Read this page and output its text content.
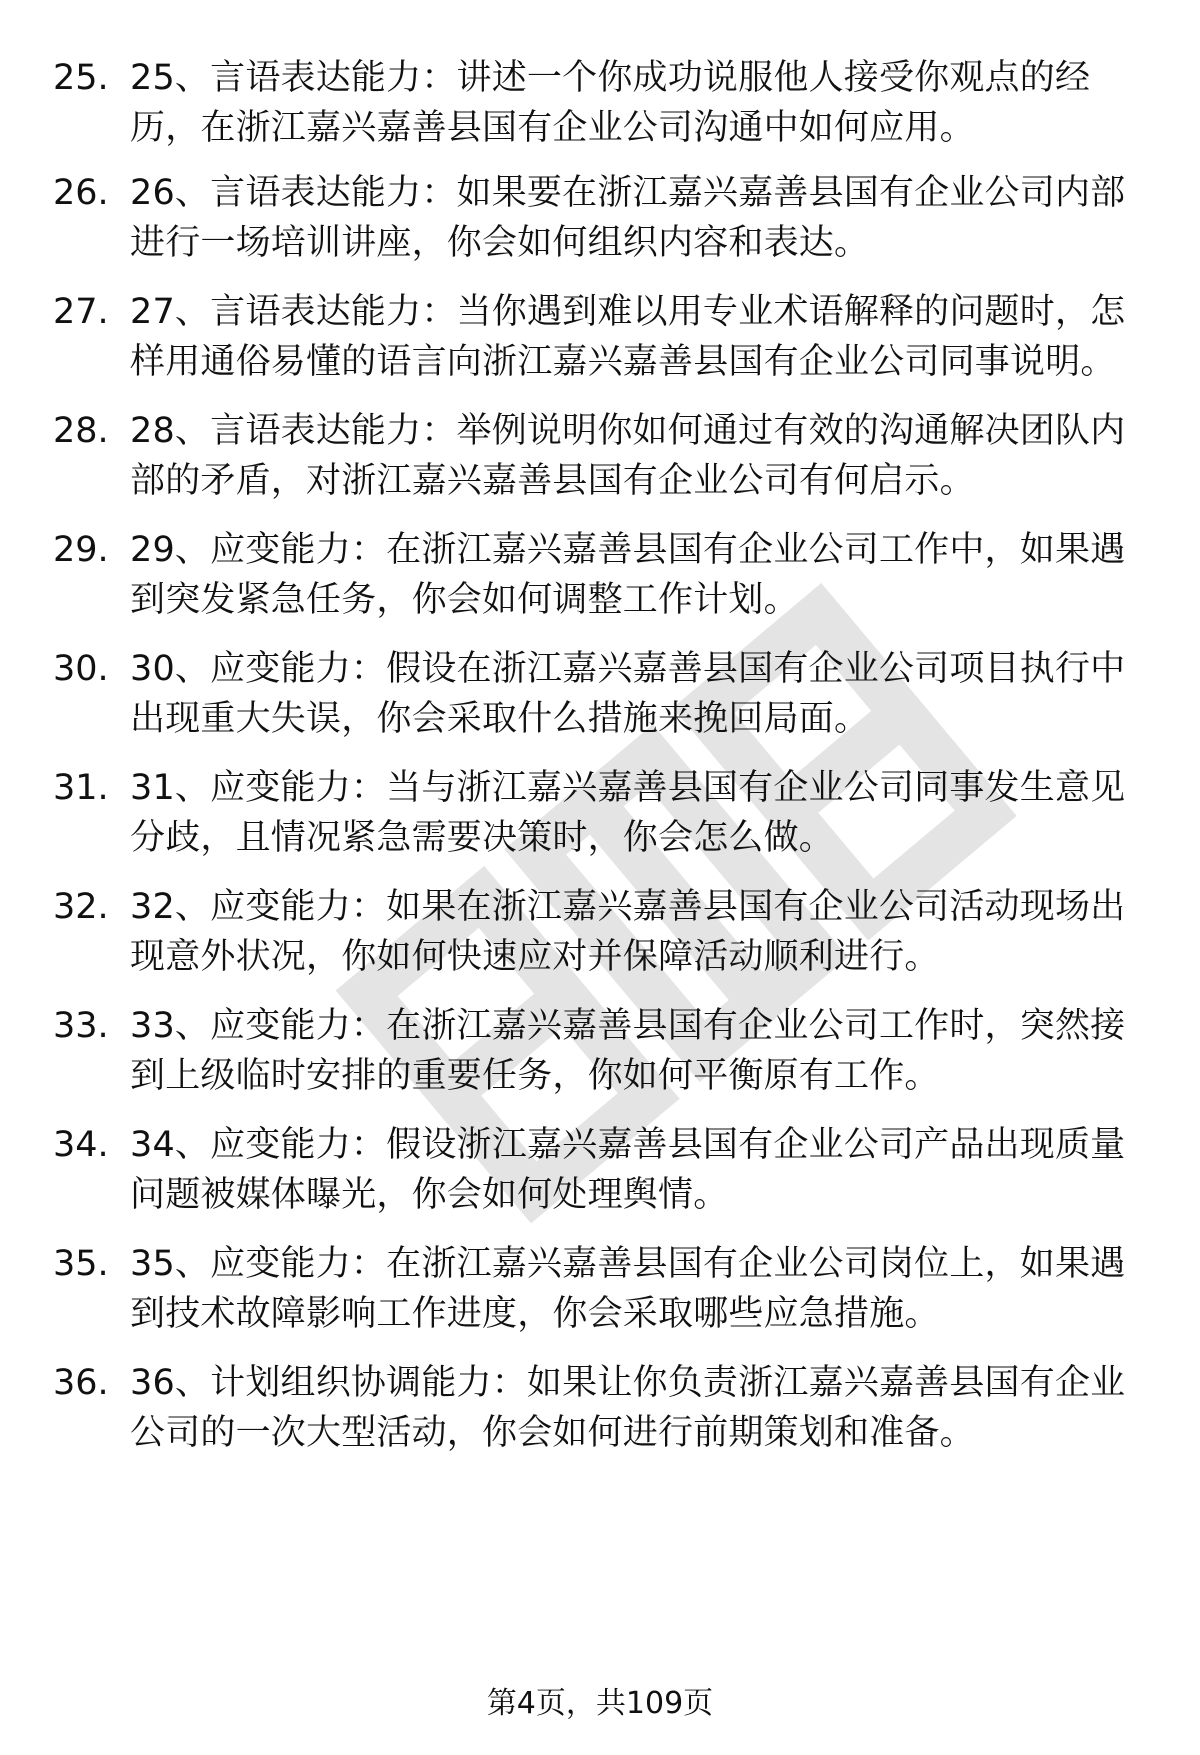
25. 25、言语表达能力：讲述一个你成功说服他人接受你观点的经
历，在浙江嘉兴嘉善县国有企业公司沟通中如何应用。
26. 26、言语表达能力：如果要在浙江嘉兴嘉善县国有企业公司内部
进行一场培训讲座，你会如何组织内容和表达。
27. 27、言语表达能力：当你遇到难以用专业术语解释的问题时，怎
样用通俗易懂的语言向浙江嘉兴嘉善县国有企业公司同事说明。
28. 28、言语表达能力：举例说明你如何通过有效的沟通解决团队内
部的矛盾，对浙江嘉兴嘉善县国有企业公司有何启示。
29. 29、应变能力：在浙江嘉兴嘉善县国有企业公司工作中，如果遇
到突发紧急任务，你会如何调整工作计划。
30. 30、应变能力：假设在浙江嘉兴嘉善县国有企业公司项目执行中
出现重大失误，你会采取什么措施来挽回局面。
31. 31、应变能力：当与浙江嘉兴嘉善县国有企业公司同事发生意见
分歧，且情况紧急需要决策时，你会怎么做。
32. 32、应变能力：如果在浙江嘉兴嘉善县国有企业公司活动现场出
现意外状况，你如何快速应对并保障活动顺利进行。
33. 33、应变能力：在浙江嘉兴嘉善县国有企业公司工作时，突然接
到上级临时安排的重要任务，你如何平衡原有工作。
34. 34、应变能力：假设浙江嘉兴嘉善县国有企业公司产品出现质量
问题被媒体曝光，你会如何处理舆情。
35. 35、应变能力：在浙江嘉兴嘉善县国有企业公司岗位上，如果遇
到技术故障影响工作进度，你会采取哪些应急措施。
36. 36、计划组织协调能力：如果让你负责浙江嘉兴嘉善县国有企业
公司的一次大型活动，你会如何进行前期策划和准备。
第4页，共109页
